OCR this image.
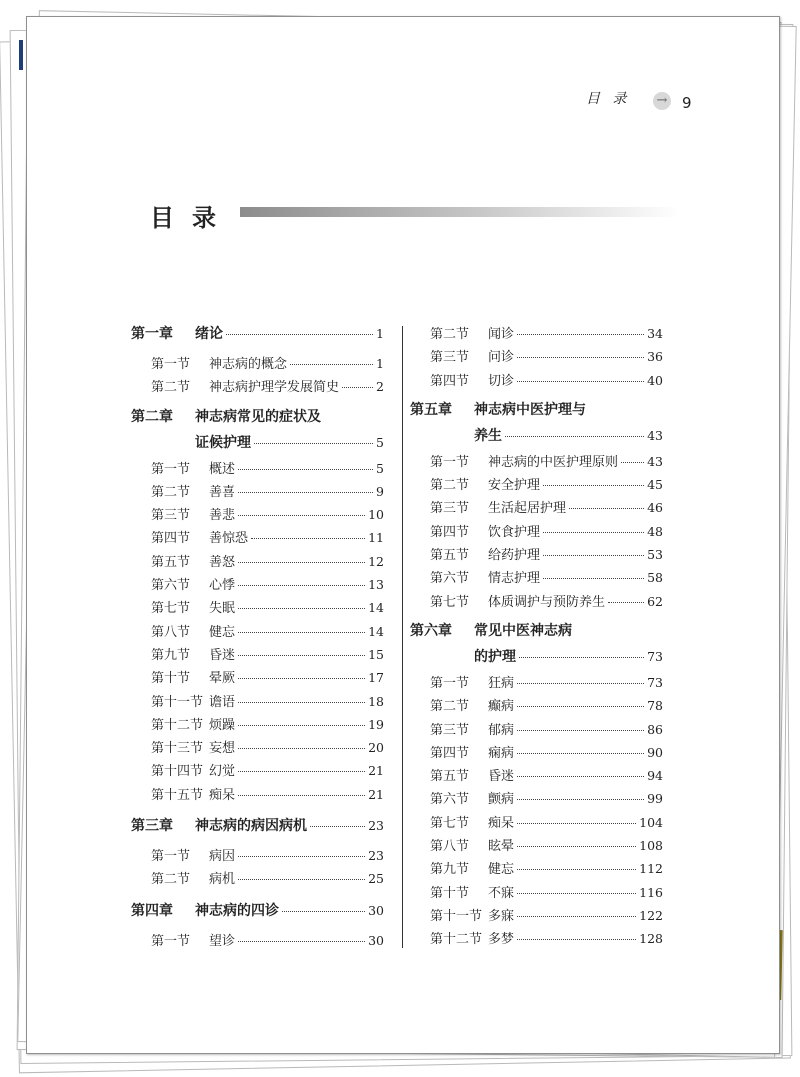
目 录 → 9
目录
第一章	绪论	1
第一节	神志病的概念	1
第二节	神志病护理学发展简史	2
第二章	神志病常见的症状及
证候护理	5
第一节	概述	5
第二节	善喜	9
第三节	善悲	10
第四节	善惊恐	11
第五节	善怒	12
第六节	心悸	13
第七节	失眠	14
第八节	健忘	14
第九节	昏迷	15
第十节	晕厥	17
第十一节 谵语	18
第十二节 烦躁	19
第十三节 妄想	20
第十四节 幻觉	21
第十五节 痴呆	21
第三章	神志病的病因病机	23
第一节	病因	23
第二节	病机	25
第四章	神志病的四诊	30
第一节	望诊	30
第二节	闻诊	34
第三节	问诊	36
第四节	切诊	40
第五章	神志病中医护理与
养生	43
第一节	神志病的中医护理原则 43
第二节	安全护理	45
第三节	生活起居护理	46
第四节	饮食护理	48
第五节	给药护理	53
第六节	情志护理	58
第七节	体质调护与预防养生	62
第六章	常见中医神志病
的护理	73
第一节	狂病	73
第二节	癫病	78
第三节	郁病	86
第四节	痫病	90
第五节	昏迷	94
第六节	颤病	99
第七节	痴呆	104
第八节	眩晕	108
第九节	健忘	112
第十节	不寐	116
第十一节 多寐	122
第十二节 多梦	128
